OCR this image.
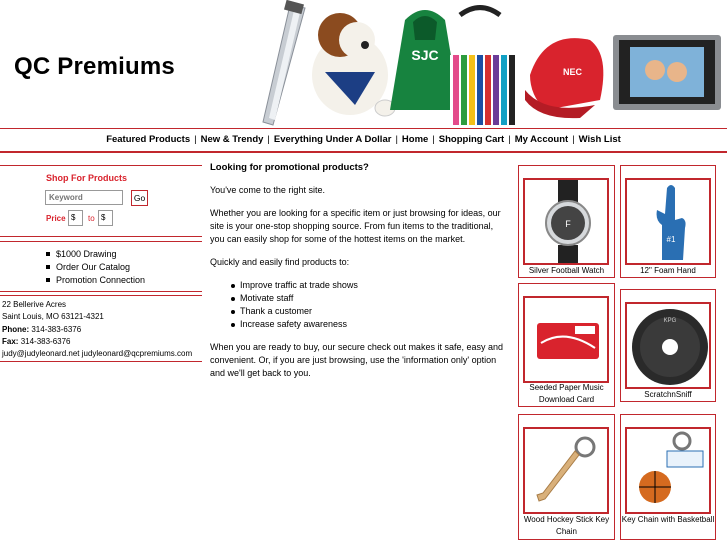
QC Premiums	SJC
NEC
Featured Products | New & Trendy | Everything Under A Dollar | Home | Shopping Cart | My Account | Wish List
Shop For Products
Keyword
Go
Price $	to $
$1000 Drawing
Order Our Catalog
Promotion Connection
22 Bellerive Acres
Saint Louis, MO 63121-4321
Phone: 314-383-6376
Fax: 314-383-6376
judy@judyleonard.net judyleonard@qcpremiums.com
Looking for promotional products?

You've come to the right site.

Whether you are looking for a specific item or just browsing for ideas, our site is your one-stop shopping source. From fun items to the traditional, you can easily shop for some of the hottest items on the market.

Quickly and easily find products to:

Improve traffic at trade shows
Motivate staff
Thank a customer
Increase safety awareness

When you are ready to buy, our secure check out makes it safe, easy and convenient. Or, if you are just browsing, use the 'information only' option and we'll get back to you.

F
Silver Football Watch
#1
12" Foam Hand
Seeded Paper Music Download Card
KPG
ScratchnSniff
Wood Hockey Stick Key Chain
Key Chain with Basketball
